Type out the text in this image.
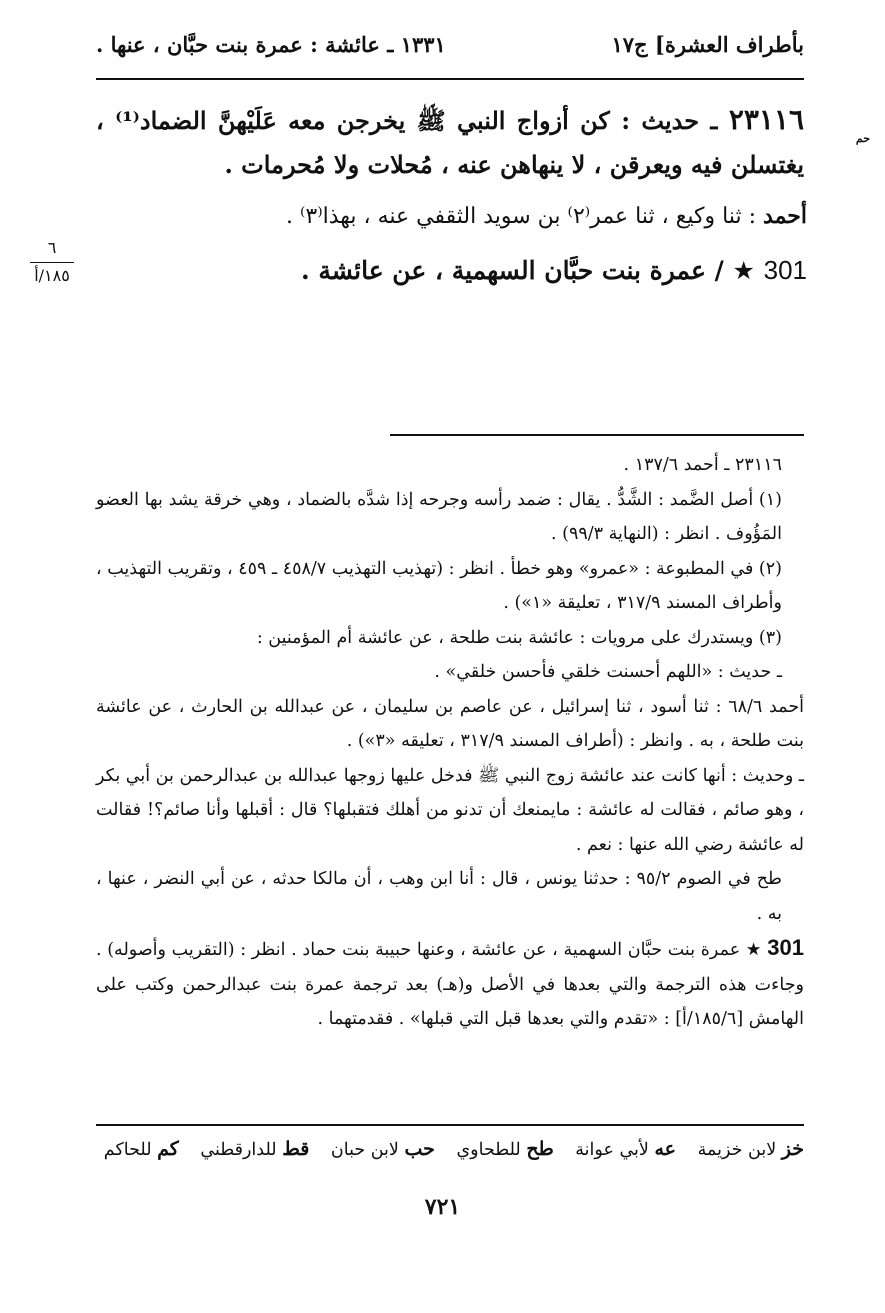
بأطراف العشرة] ج١٧
١٣٣١ ـ عائشة : عمرة بنت حبَّان ، عنها .

٢٣١١٦ ـ حديث : كن أزواج النبي ﷺ يخرجن معه عَلَيْهنَّ الضماد⁽¹⁾ ، يغتسلن فيه ويعرقن ، لا ينهاهن عنه ، مُحلات ولا مُحرمات .

حم
أحمد : ثنا وكيع ، ثنا عمر⁽٢⁾ بن سويد الثقفي عنه ، بهذا⁽٣⁾ .
301 ★ / عمرة بنت حبَّان السهمية ، عن عائشة .
٦
١٨٥/أ

٢٣١١٦ ـ أحمد ١٣٧/٦ .

(١) أصل الضَّمد : الشَّدُّ . يقال : ضمد رأسه وجرحه إذا شدَّه بالضماد ، وهي خرقة يشد بها العضو المَؤُوف . انظر : (النهاية ٩٩/٣) .

(٢) في المطبوعة : «عمرو» وهو خطأ . انظر : (تهذيب التهذيب ٤٥٨/٧ ـ ٤٥٩ ، وتقريب التهذيب ، وأطراف المسند ٣١٧/٩ ، تعليقة «١») .

(٣) ويستدرك على مرويات : عائشة بنت طلحة ، عن عائشة أم المؤمنين :

ـ حديث : «اللهم أحسنت خلقي فأحسن خلقي» .

أحمد ٦٨/٦ : ثنا أسود ، ثنا إسرائيل ، عن عاصم بن سليمان ، عن عبدالله بن الحارث ، عن عائشة بنت طلحة ، به . وانظر : (أطراف المسند ٣١٧/٩ ، تعليقه «٣») .

ـ وحديث : أنها كانت عند عائشة زوج النبي ﷺ فدخل عليها زوجها عبدالله بن عبدالرحمن بن أبي بكر ، وهو صائم ، فقالت له عائشة : مايمنعك أن تدنو من أهلك فتقبلها؟ قال : أقبلها وأنا صائم؟! فقالت له عائشة رضي الله عنها : نعم .

طح في الصوم ٩٥/٢ : حدثنا يونس ، قال : أنا ابن وهب ، أن مالكا حدثه ، عن أبي النضر ، عنها ، به .

301 ★ عمرة بنت حبَّان السهمية ، عن عائشة ، وعنها حبيبة بنت حماد . انظر : (التقريب وأصوله) . وجاءت هذه الترجمة والتي بعدها في الأصل و(هـ) بعد ترجمة عمرة بنت عبدالرحمن وكتب على الهامش [١٨٥/٦/أ] : «تقدم والتي بعدها قبل التي قبلها» . فقدمتهما .

خز لابن خزيمة عه لأبي عوانة طح للطحاوي حب لابن حبان قط للدارقطني كم للحاكم
٧٢١
